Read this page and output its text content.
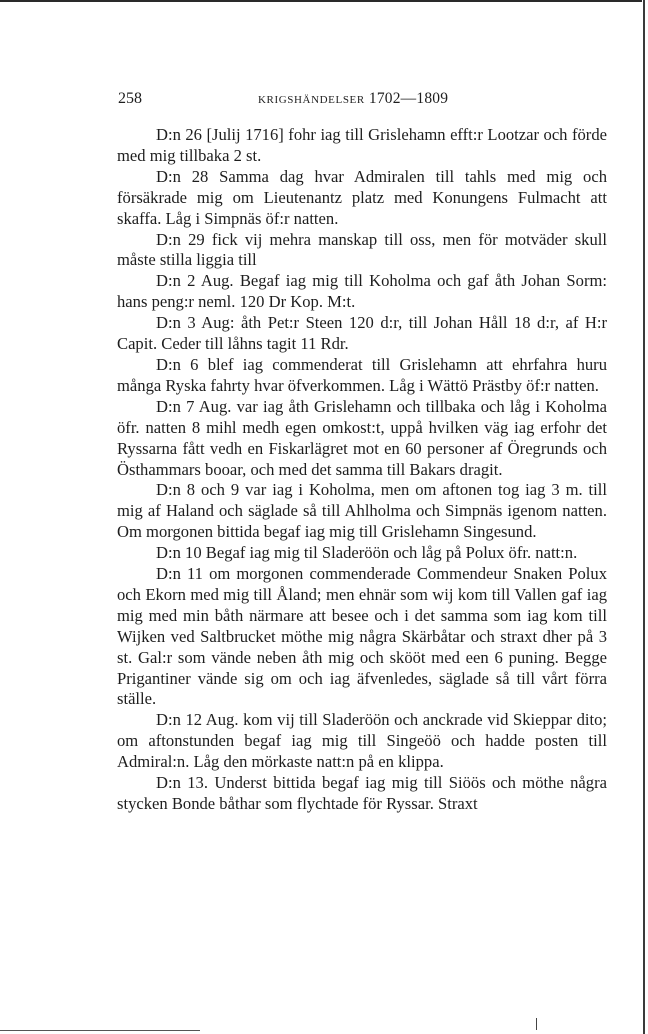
258	KRIGSHÄNDELSER 1702—1809

D:n 26 [Julij 1716] fohr iag till Grislehamn efft:r Lootzar och förde med mig tillbaka 2 st.

D:n 28 Samma dag hvar Admiralen till tahls med mig och försäkrade mig om Lieutenantz platz med Konungens Fulmacht att skaffa. Låg i Simpnäs öf:r natten.

D:n 29 fick vij mehra manskap till oss, men för motväder skull måste stilla liggia till

D:n 2 Aug. Begaf iag mig till Koholma och gaf åth Johan Sorm: hans peng:r neml. 120 Dr Kop. M:t.

D:n 3 Aug: åth Pet:r Steen 120 d:r, till Johan Håll 18 d:r, af H:r Capit. Ceder till låhns tagit 11 Rdr.

D:n 6 blef iag commenderat till Grislehamn att ehrfahra huru många Ryska fahrty hvar öfverkommen. Låg i Wättö Prästby öf:r natten.

D:n 7 Aug. var iag åth Grislehamn och tillbaka och låg i Koholma öfr. natten 8 mihl medh egen omkost:t, uppå hvilken väg iag erfohr det Ryssarna fått vedh en Fiskarlägret mot en 60 personer af Öregrunds och Östhammars booar, och med det samma till Bakars dragit.

D:n 8 och 9 var iag i Koholma, men om aftonen tog iag 3 m. till mig af Haland och säglade så till Ahlholma och Simpnäs igenom natten. Om morgonen bittida begaf iag mig till Grislehamn Singesund.

D:n 10 Begaf iag mig til Sladeröön och låg på Polux öfr. natt:n.

D:n 11 om morgonen commenderade Commendeur Snaken Polux och Ekorn med mig till Åland; men ehnär som wij kom till Vallen gaf iag mig med min båth närmare att besee och i det samma som iag kom till Wijken ved Saltbrucket möthe mig några Skärbåtar och straxt dher på 3 st. Gal:r som vände neben åth mig och skööt med een 6 puning. Begge Prigantiner vände sig om och iag äfvenledes, säglade så till vårt förra ställe.

D:n 12 Aug. kom vij till Sladeröön och anckrade vid Skieppar dito; om aftonstunden begaf iag mig till Singeöö och hadde posten till Admiral:n. Låg den mörkaste natt:n på en klippa.

D:n 13. Underst bittida begaf iag mig till Siöös och möthe några stycken Bonde båthar som flychtade för Ryssar. Straxt
